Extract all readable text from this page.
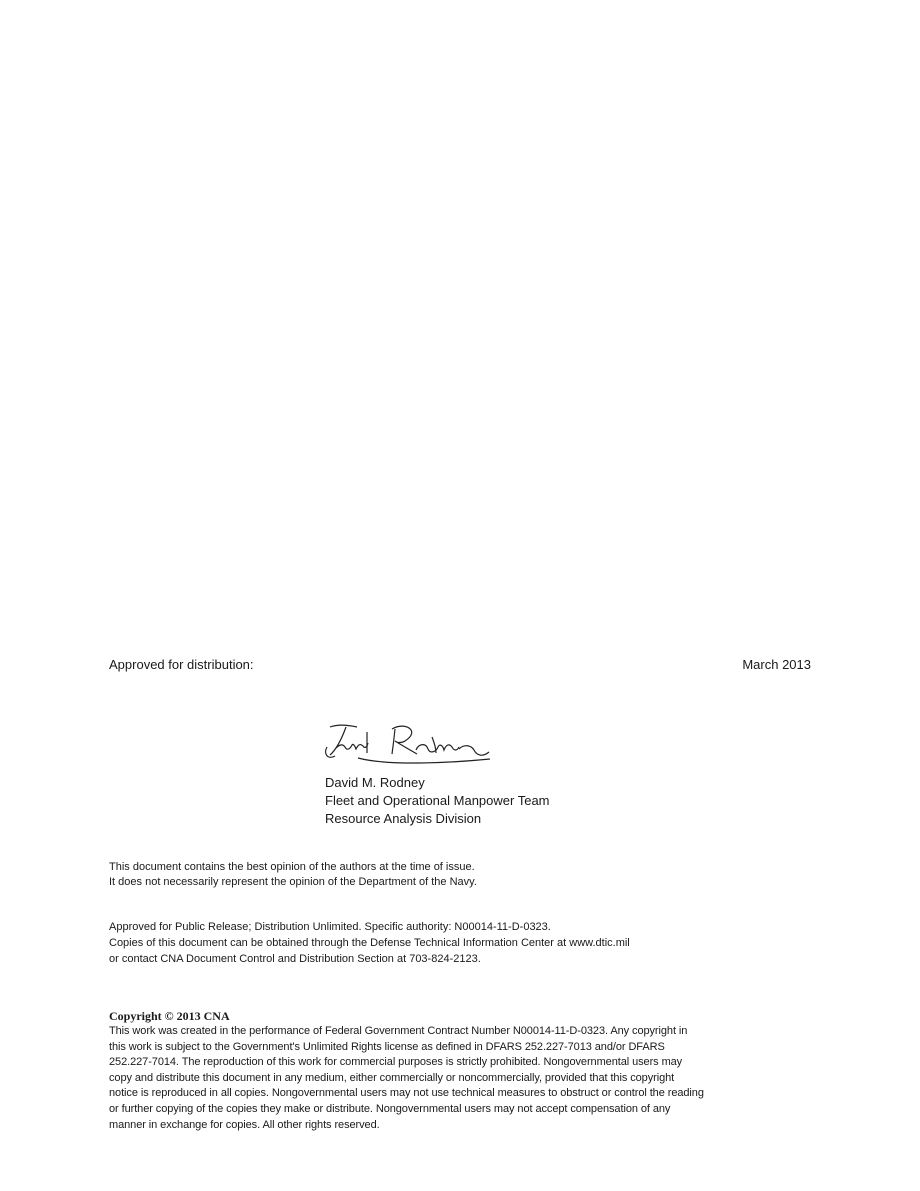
Approved for distribution:	March 2013
David M. Rodney
Fleet and Operational Manpower Team
Resource Analysis Division
This document contains the best opinion of the authors at the time of issue.
It does not necessarily represent the opinion of the Department of the Navy.
Approved for Public Release; Distribution Unlimited. Specific authority: N00014-11-D-0323.
Copies of this document can be obtained through the Defense Technical Information Center at www.dtic.mil
or contact CNA Document Control and Distribution Section at 703-824-2123.
Copyright © 2013 CNA
This work was created in the performance of Federal Government Contract Number N00014-11-D-0323. Any copyright in
this work is subject to the Government's Unlimited Rights license as defined in DFARS 252.227-7013 and/or DFARS
252.227-7014. The reproduction of this work for commercial purposes is strictly prohibited. Nongovernmental users may
copy and distribute this document in any medium, either commercially or noncommercially, provided that this copyright
notice is reproduced in all copies. Nongovernmental users may not use technical measures to obstruct or control the reading
or further copying of the copies they make or distribute. Nongovernmental users may not accept compensation of any
manner in exchange for copies. All other rights reserved.
